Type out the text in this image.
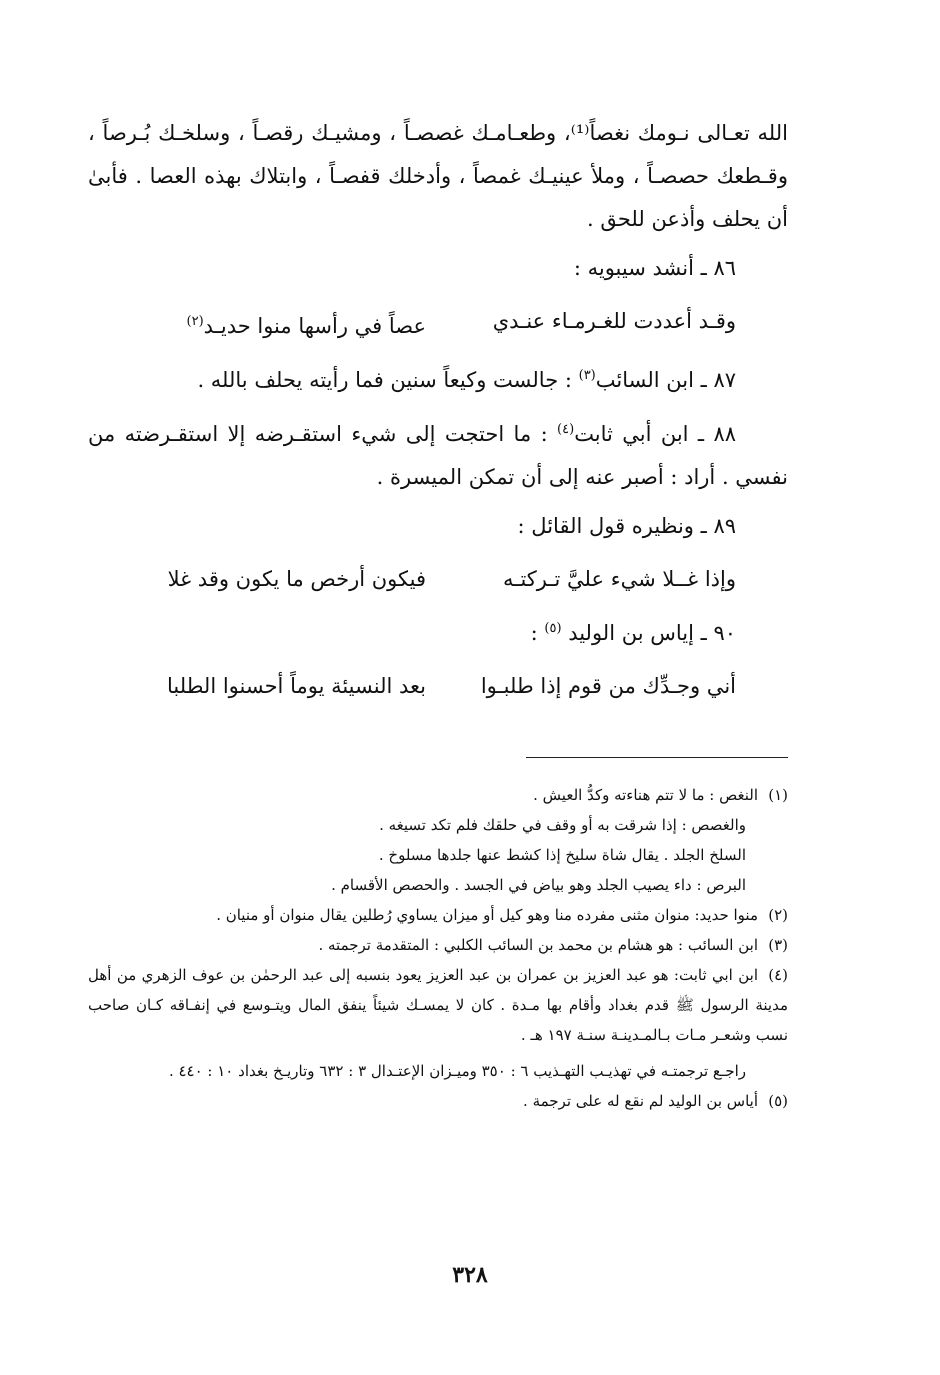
الله تعـالى نـومك نغصاً⁽¹⁾، وطعـامـك غصصـاً ، ومشيـك رقصـاً ، وسلخـك بُـرصاً ، وقـطعك حصصـاً ، وملأ عينيـك غمصاً ، وأدخلك قفصـاً ، وابتلاك بهذه العصا . فأبىٰ أن يحلف وأذعن للحق .

٨٦ ـ أنشد سيبويه :

وقـد أعددت للغـرمـاء عنـدي
عصاً في رأسها منوا حديـد$^{(٢)}$

٨٧ ـ ابن السائب$^{(٣)}$ : جالست وكيعاً سنين فما رأيته يحلف بالله .

٨٨ ـ ابن أبي ثابت$^{(٤)}$ : ما احتجت إلى شيء استقـرضه إلا استقـرضته من نفسي . أراد : أصبر عنه إلى أن تمكن الميسرة .

٨٩ ـ ونظيره قول القائل :

وإذا غــلا شيء عليَّ تـركتـه
فيكون أرخص ما يكون وقد غلا

٩٠ ـ إياس بن الوليد $^{(٥)}$ :

أني وجـدِّك من قوم إذا طلبـوا
بعد النسيئة يوماً أحسنوا الطلبا

(١)النغص : ما لا تتم هناءته وكدُّ العيش .

والغصص : إذا شرقت به أو وقف في حلقك فلم تكد تسيغه .

السلخ الجلد . يقال شاة سليخ إذا كشط عنها جلدها مسلوخ .

البرص : داء يصيب الجلد وهو بياض في الجسد . والحصص الأقسام .

(٢)منوا حديد: منوان مثنى مفرده منا وهو كيل أو ميزان يساوي رُطلين يقال منوان أو منيان .

(٣)ابن السائب : هو هشام بن محمد بن السائب الكلبي : المتقدمة ترجمته .

(٤)ابن ابي ثابت: هو عبد العزيز بن عمران بن عبد العزيز يعود بنسبه إلى عبد الرحمٰن بن عوف الزهري من أهل مدينة الرسول ﷺ قدم بغداد وأقام بها مـدة . كان لا يمسـك شيئاً ينفق المال ويتـوسع في إنفـاقه كـان صاحب نسب وشعـر مـات بـالمـدينـة سنـة ١٩٧ هـ .

راجـع ترجمتـه في تهذيـب التهـذيب ٦ : ٣٥٠ وميـزان الإعتـدال ٣ : ٦٣٢ وتاريـخ بغداد ١٠ : ٤٤٠ .

(٥)أياس بن الوليد لم نقع له على ترجمة .

٣٢٨
